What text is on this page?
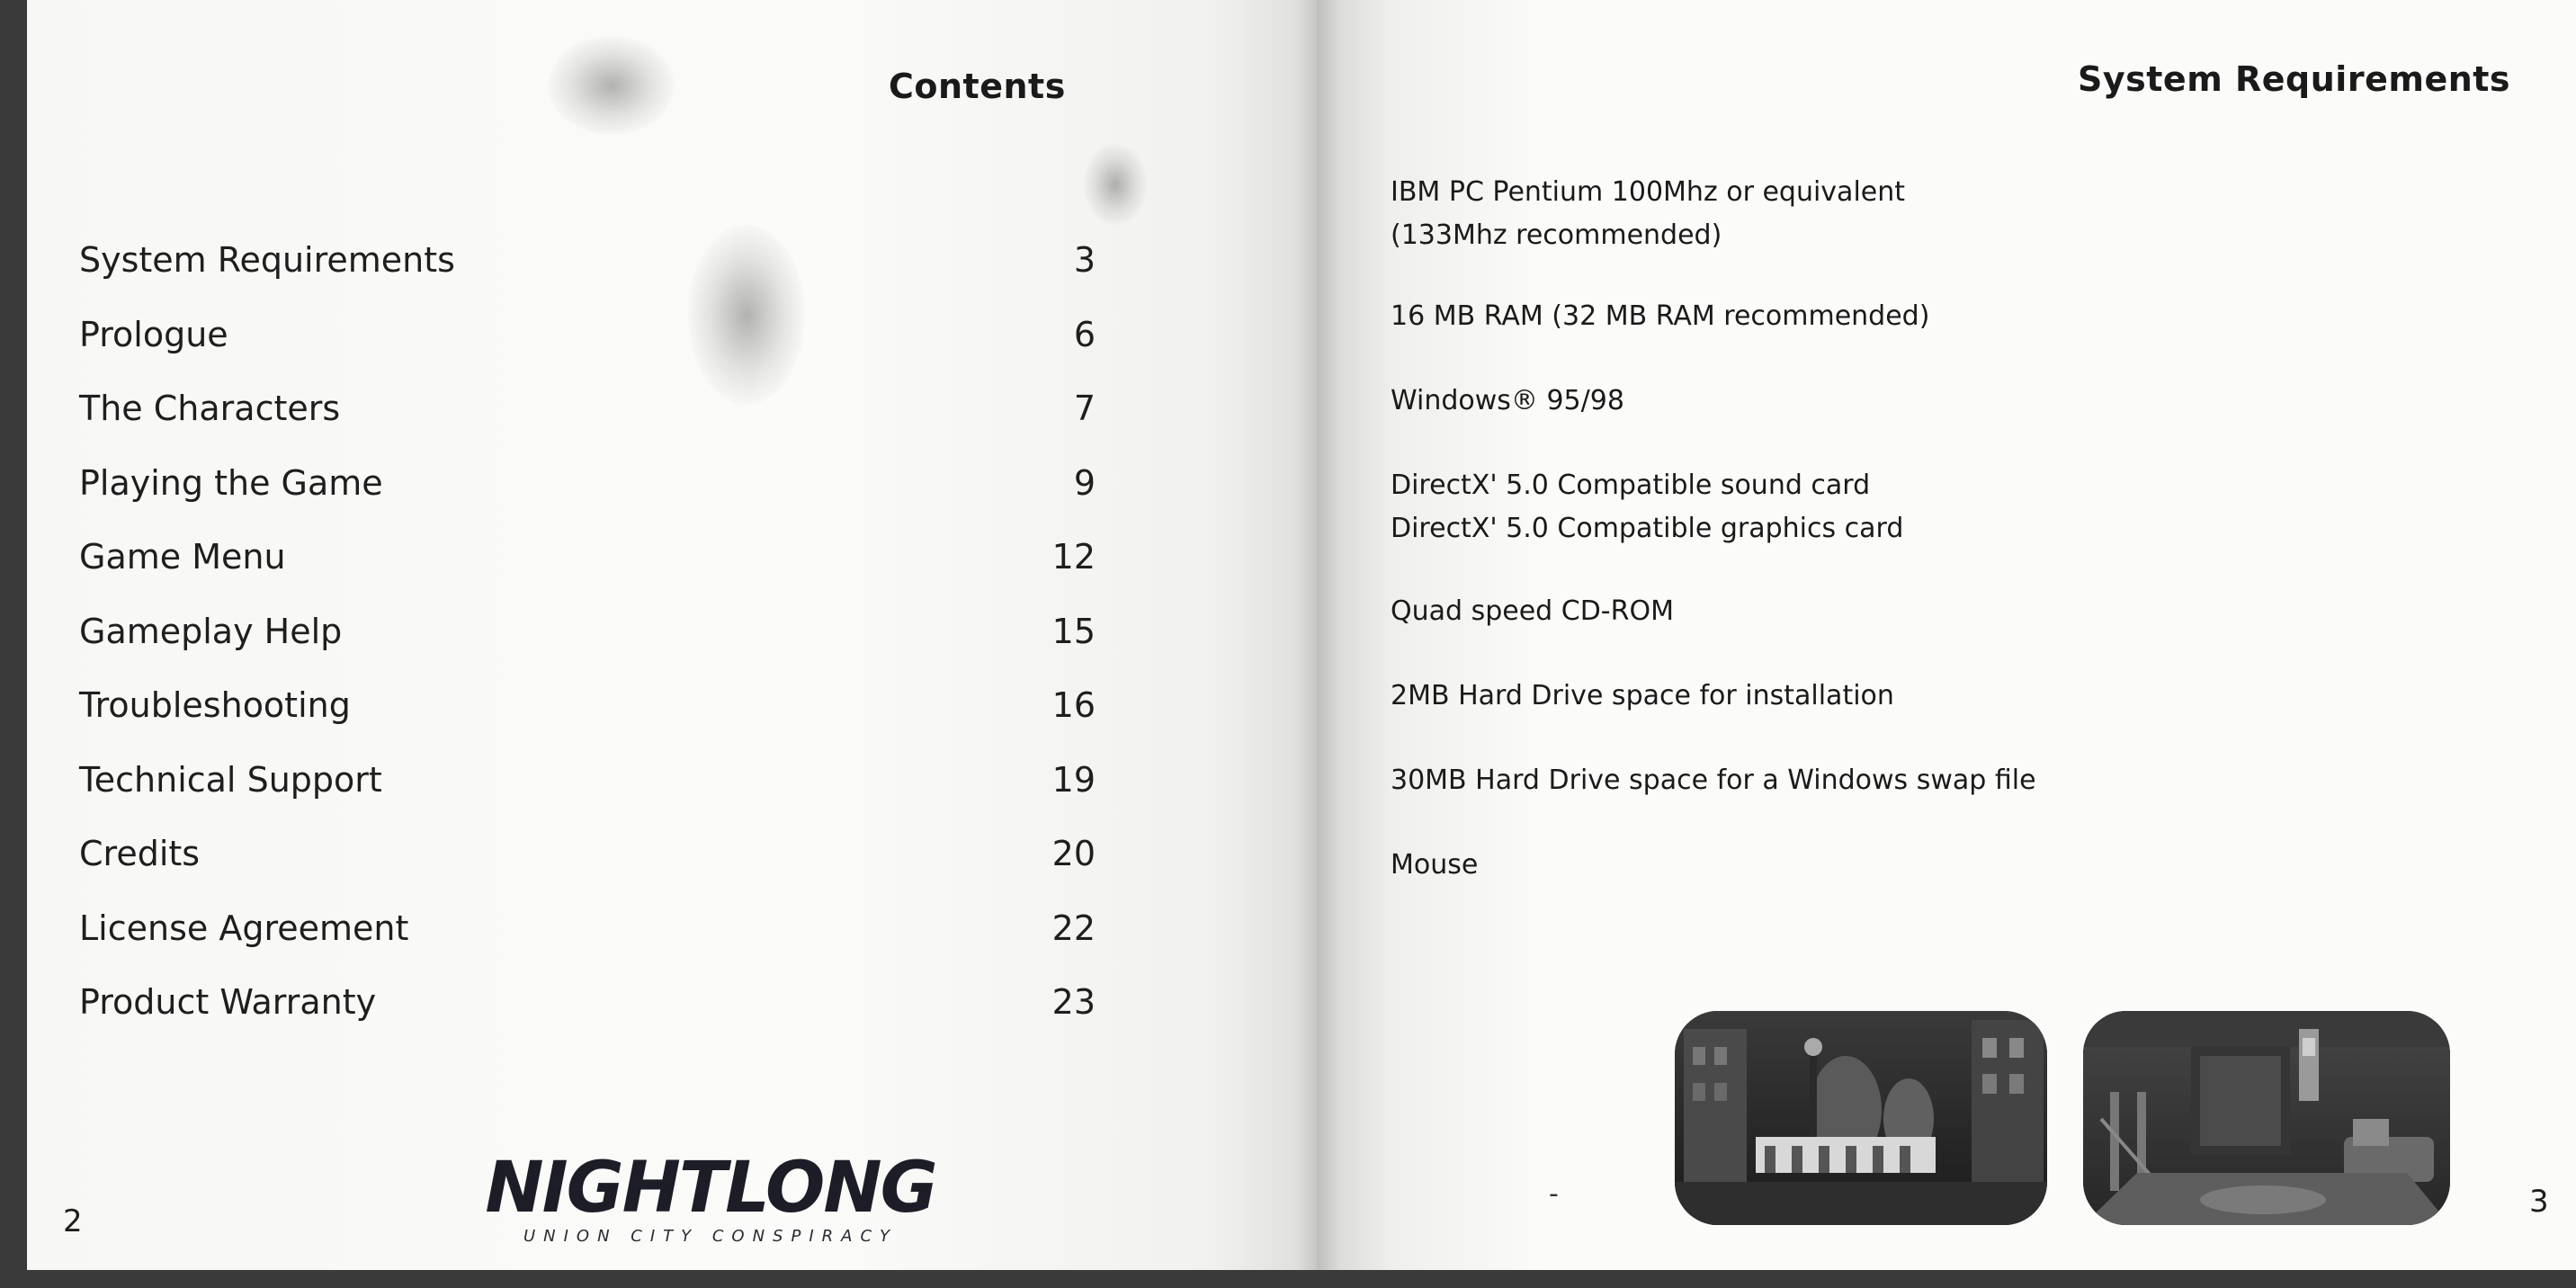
Contents
System Requirements	3
Prologue	6
The Characters	7
Playing the Game	9
Game Menu	12
Gameplay Help	15
Troubleshooting	16
Technical Support	19
Credits	20
License Agreement	22
Product Warranty	23
2	NIGHTLONG
UNION CITY CONSPIRACY
System Requirements
IBM PC Pentium 100Mhz or equivalent
(133Mhz recommended)
16 MB RAM (32 MB RAM recommended)
Windows® 95/98
DirectX' 5.0 Compatible sound card
DirectX' 5.0 Compatible graphics card
Quad speed CD-ROM
2MB Hard Drive space for installation
30MB Hard Drive space for a Windows swap file
Mouse
-	3
